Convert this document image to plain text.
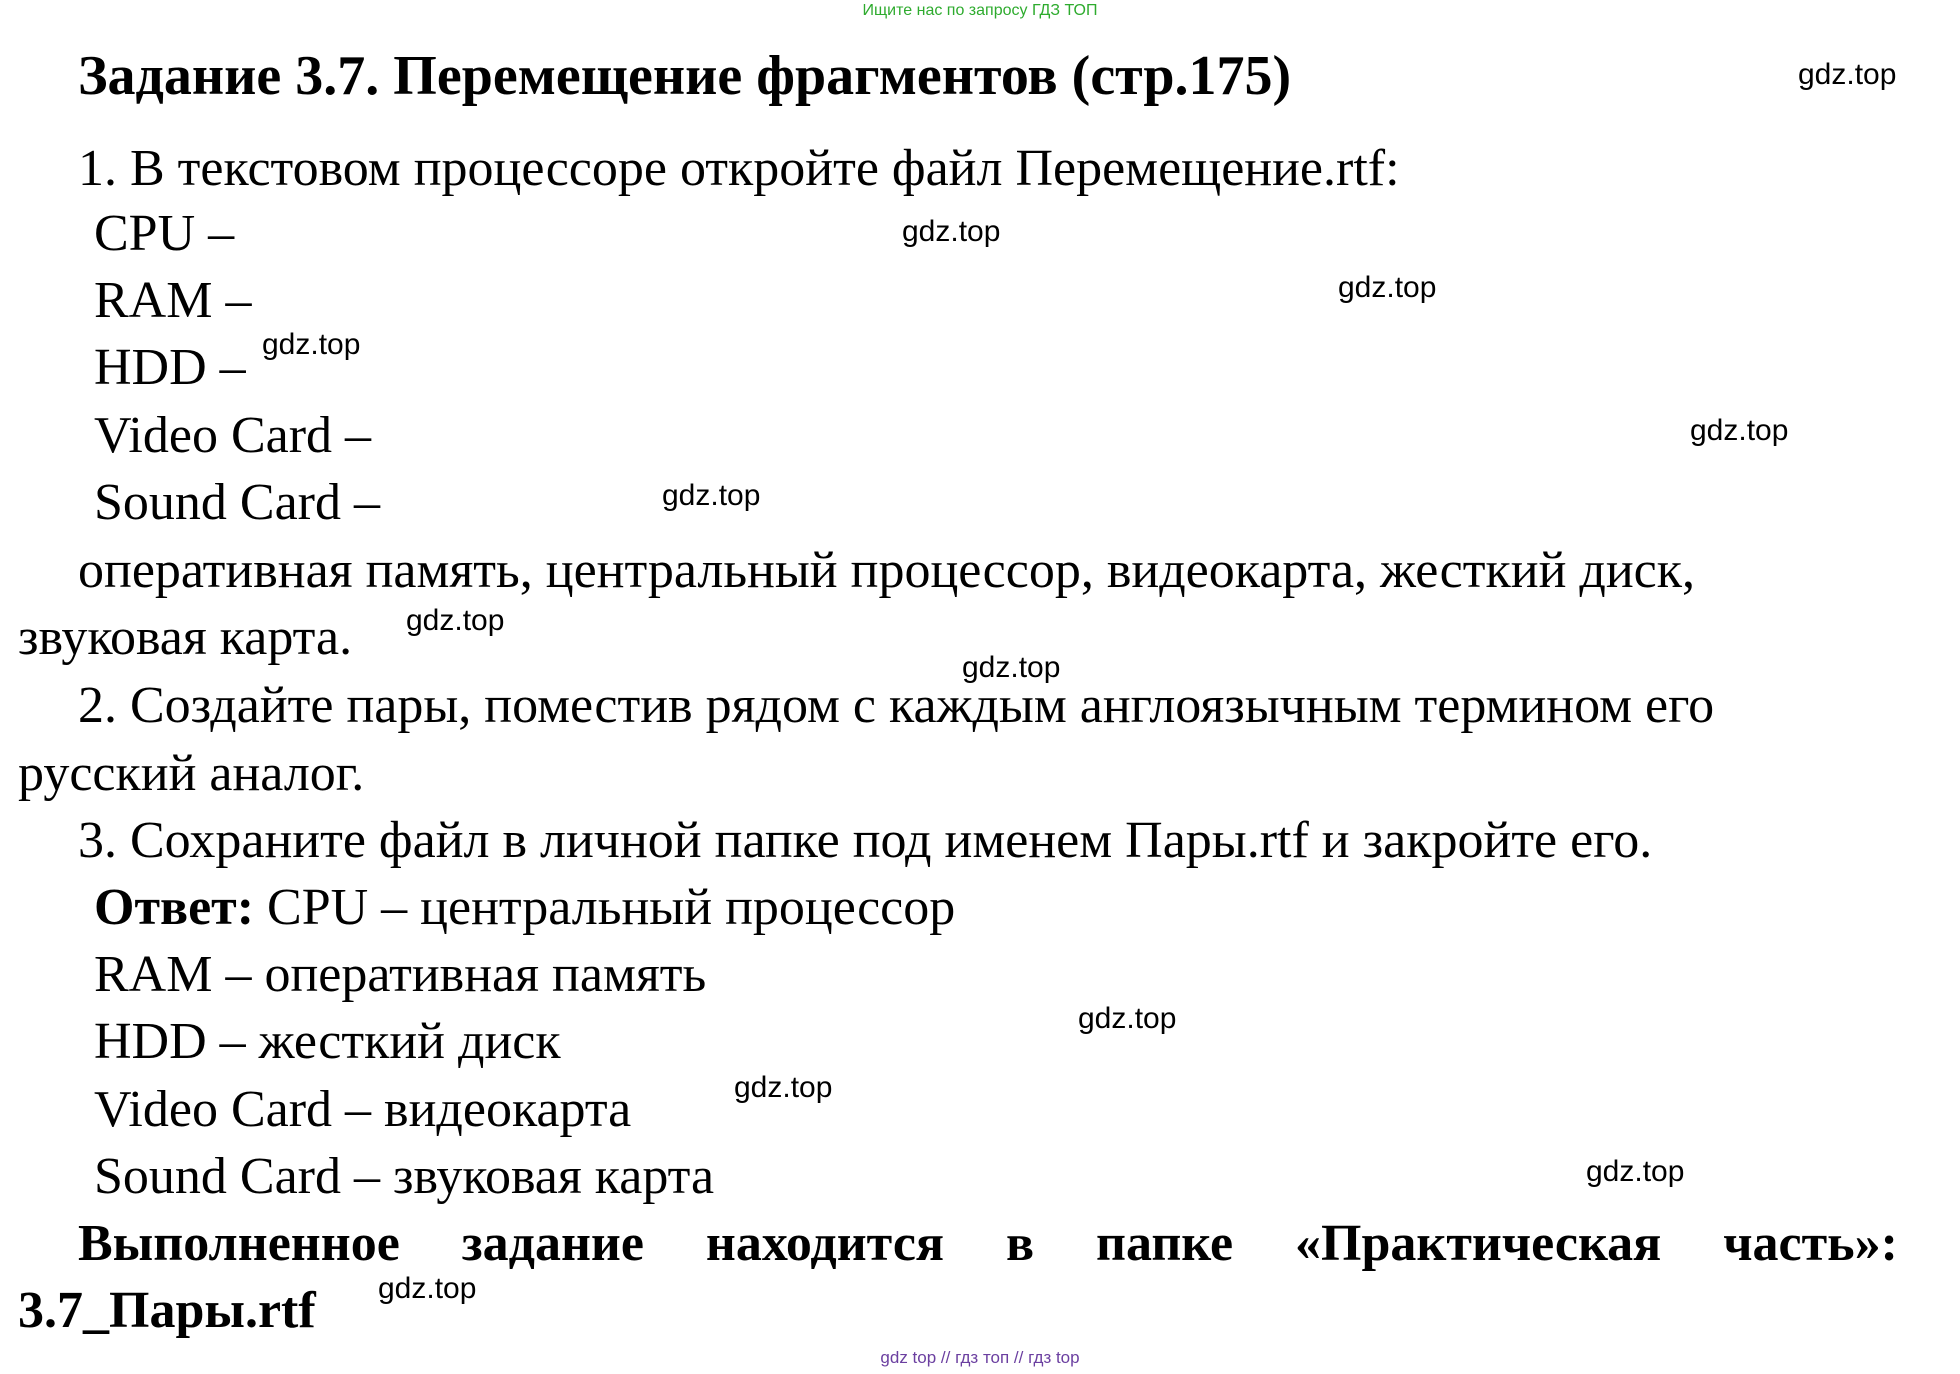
Ищите нас по запросу ГДЗ ТОП
Задание 3.7. Перемещение фрагментов (стр.175)
1. В текстовом процессоре откройте файл Перемещение.rtf:
CPU –
RAM –
HDD –
Video Card –
Sound Card –
оперативная память, центральный процессор, видеокарта, жесткий диск,
звуковая карта.
2. Создайте пары, поместив рядом с каждым англоязычным термином его
русский аналог.
3. Сохраните файл в личной папке под именем Пары.rtf и закройте его.
Ответ: CPU – центральный процессор
RAM – оперативная память
HDD – жесткий диск
Video Card – видеокарта
Sound Card – звуковая карта
Выполненное задание находится в папке «Практическая часть»:
3.7_Пары.rtf
gdz.top
gdz.top
gdz.top
gdz.top
gdz.top
gdz.top
gdz.top
gdz.top
gdz.top
gdz.top
gdz.top
gdz.top
gdz top // гдз топ // гдз top
